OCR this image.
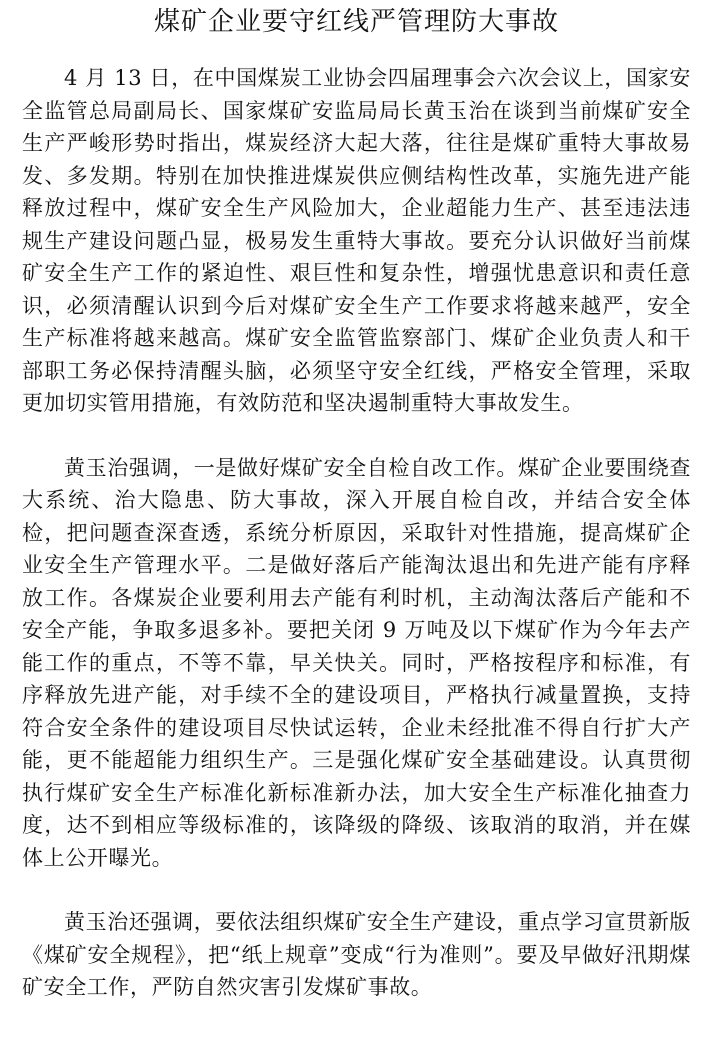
煤矿企业要守红线严管理防大事故

4 月 13 日，在中国煤炭工业协会四届理事会六次会议上，国家安全监管总局副局长、国家煤矿安监局局长黄玉治在谈到当前煤矿安全生产严峻形势时指出，煤炭经济大起大落，往往是煤矿重特大事故易发、多发期。特别在加快推进煤炭供应侧结构性改革，实施先进产能释放过程中，煤矿安全生产风险加大，企业超能力生产、甚至违法违规生产建设问题凸显，极易发生重特大事故。要充分认识做好当前煤矿安全生产工作的紧迫性、艰巨性和复杂性，增强忧患意识和责任意识，必须清醒认识到今后对煤矿安全生产工作要求将越来越严，安全生产标准将越来越高。煤矿安全监管监察部门、煤矿企业负责人和干部职工务必保持清醒头脑，必须坚守安全红线，严格安全管理，采取更加切实管用措施，有效防范和坚决遏制重特大事故发生。

黄玉治强调，一是做好煤矿安全自检自改工作。煤矿企业要围绕查大系统、治大隐患、防大事故，深入开展自检自改，并结合安全体检，把问题查深查透，系统分析原因，采取针对性措施，提高煤矿企业安全生产管理水平。二是做好落后产能淘汰退出和先进产能有序释放工作。各煤炭企业要利用去产能有利时机，主动淘汰落后产能和不安全产能，争取多退多补。要把关闭 9 万吨及以下煤矿作为今年去产能工作的重点，不等不靠，早关快关。同时，严格按程序和标准，有序释放先进产能，对手续不全的建设项目，严格执行减量置换，支持符合安全条件的建设项目尽快试运转，企业未经批准不得自行扩大产能，更不能超能力组织生产。三是强化煤矿安全基础建设。认真贯彻执行煤矿安全生产标准化新标准新办法，加大安全生产标准化抽查力度，达不到相应等级标准的，该降级的降级、该取消的取消，并在媒体上公开曝光。

黄玉治还强调，要依法组织煤矿安全生产建设，重点学习宣贯新版《煤矿安全规程》，把“纸上规章”变成“行为准则”。要及早做好汛期煤矿安全工作，严防自然灾害引发煤矿事故。
